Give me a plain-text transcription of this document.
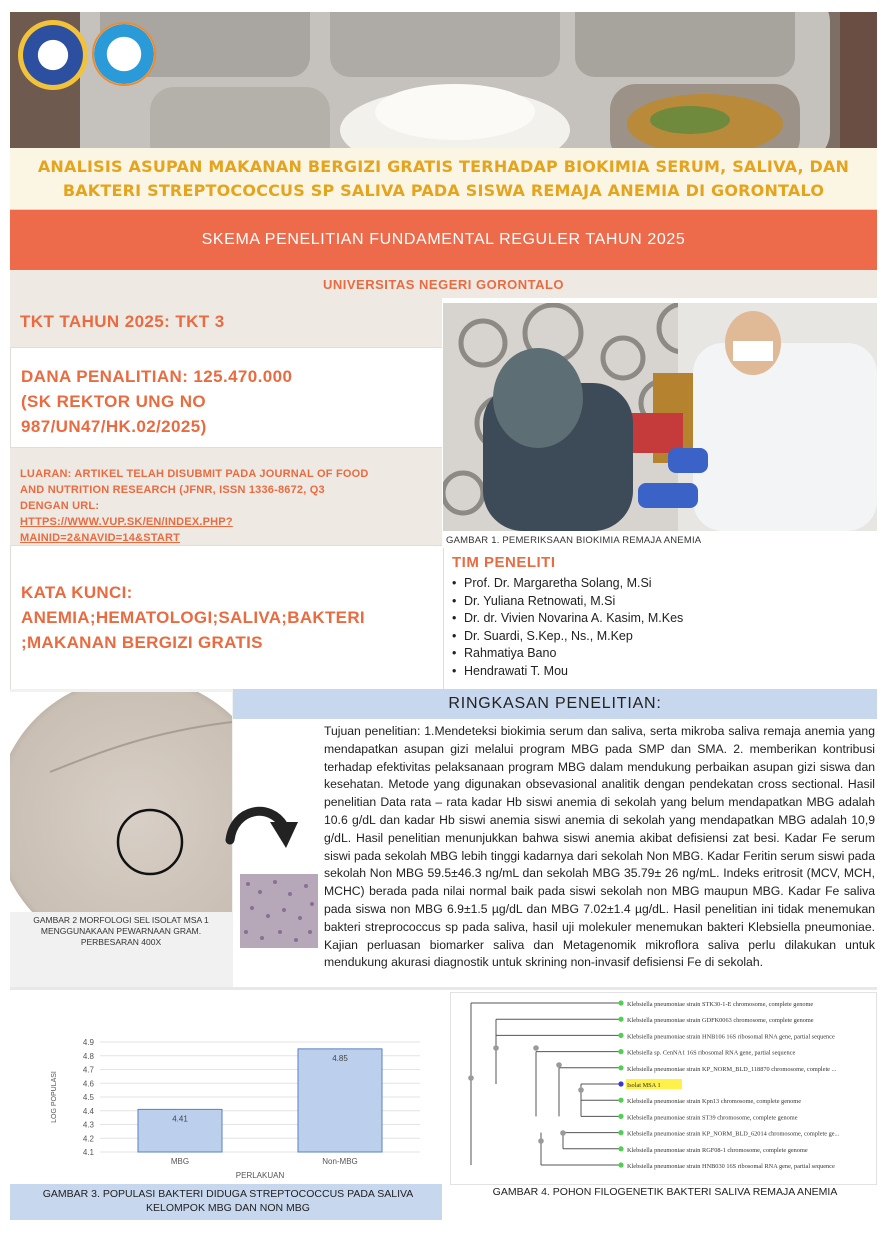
ANALISIS ASUPAN MAKANAN BERGIZI GRATIS TERHADAP BIOKIMIA SERUM, SALIVA, DAN
BAKTERI STREPTOCOCCUS SP SALIVA PADA SISWA REMAJA ANEMIA DI GORONTALO
SKEMA PENELITIAN FUNDAMENTAL REGULER TAHUN 2025
UNIVERSITAS NEGERI GORONTALO
TKT TAHUN 2025: TKT 3
DANA PENALITIAN: 125.470.000
(SK REKTOR UNG NO
987/UN47/HK.02/2025)
LUARAN: ARTIKEL TELAH DISUBMIT PADA JOURNAL OF FOOD
AND NUTRITION RESEARCH (JFNR, ISSN 1336-8672, Q3
DENGAN URL:
HTTPS://WWW.VUP.SK/EN/INDEX.PHP?
MAINID=2&NAVID=14&START
KATA KUNCI:
ANEMIA;HEMATOLOGI;SALIVA;BAKTERI
;MAKANAN BERGIZI GRATIS
GAMBAR 1. PEMERIKSAAN BIOKIMIA REMAJA ANEMIA
TIM PENELITI
• Prof. Dr. Margaretha Solang, M.Si
• Dr. Yuliana Retnowati, M.Si
• Dr. dr. Vivien Novarina A. Kasim, M.Kes
• Dr. Suardi, S.Kep., Ns., M.Kep
• Rahmatiya Bano
• Hendrawati T. Mou
GAMBAR 2 MORFOLOGI SEL ISOLAT MSA 1 MENGGUNAKAAN PEWARNAAN GRAM. PERBESARAN 400X
RINGKASAN PENELITIAN:
Tujuan penelitian: 1.Mendeteksi biokimia serum dan saliva, serta mikroba saliva remaja anemia yang mendapatkan asupan gizi melalui program MBG pada SMP dan SMA. 2. memberikan kontribusi terhadap efektivitas pelaksanaan program MBG dalam mendukung perbaikan asupan gizi siswa dan kesehatan. Metode yang digunakan obsevasional analitik dengan pendekatan cross sectional. Hasil penelitian Data rata – rata kadar Hb siswi anemia di sekolah yang belum mendapatkan MBG adalah 10.6 g/dL dan kadar Hb siswi anemia siswi anemia di sekolah yang mendapatkan MBG adalah 10,9 g/dL. Hasil penelitian menunjukkan bahwa siswi anemia akibat defisiensi zat besi. Kadar Fe serum siswi pada sekolah MBG lebih tinggi kadarnya dari sekolah Non MBG. Kadar Feritin serum siswi pada sekolah Non MBG 59.5±46.3 ng/mL dan sekolah MBG 35.79± 26 ng/mL. Indeks eritrosit (MCV, MCH, MCHC) berada pada nilai normal baik pada siswi sekolah non MBG maupun MBG. Kadar Fe saliva pada siswa non MBG 6.9±1.5 µg/dL dan MBG 7.02±1.4 µg/dL. Hasil penelitian ini tidak menemukan bakteri streprococcus sp pada saliva, hasil uji molekuler menemukan bakteri Klebsiella pneumoniae. Kajian perluasan biomarker saliva dan Metagenomik mikroflora saliva perlu dilakukan untuk mendukung akurasi diagnostik untuk skrining non-invasif defisiensi Fe di sekolah.
4.1
4.2
4.3
4.4
4.5
4.6
4.7
4.8
4.9
4.41
MBG
4.85
Non-MBG
PERLAKUAN
LOG POPULASI
Klebsiella pneumoniae strain STK30-1-E chromosome, complete genome
Klebsiella pneumoniae strain GDFK0063 chromosome, complete genome
Klebsiella pneumoniae strain HNB106 16S ribosomal RNA gene, partial sequence
Klebsiella sp. CenNA1 16S ribosomal RNA gene, partial sequence
Klebsiella pneumoniae strain KP_NORM_BLD_118870 chromosome, complete ...
Isolat MSA 1
Klebsiella pneumoniae strain Kpn13 chromosome, complete genome
Klebsiella pneumoniae strain ST39 chromosome, complete genome
Klebsiella pneumoniae strain KP_NORM_BLD_62014 chromosome, complete ge...
Klebsiella pneumoniae strain RGF08-1 chromosome, complete genome
Klebsiella pneumoniae strain HNB030 16S ribosomal RNA gene, partial sequence
GAMBAR 3. POPULASI BAKTERI DIDUGA STREPTOCOCCUS PADA SALIVA KELOMPOK MBG DAN NON MBG
GAMBAR 4. POHON FILOGENETIK BAKTERI SALIVA REMAJA ANEMIA
